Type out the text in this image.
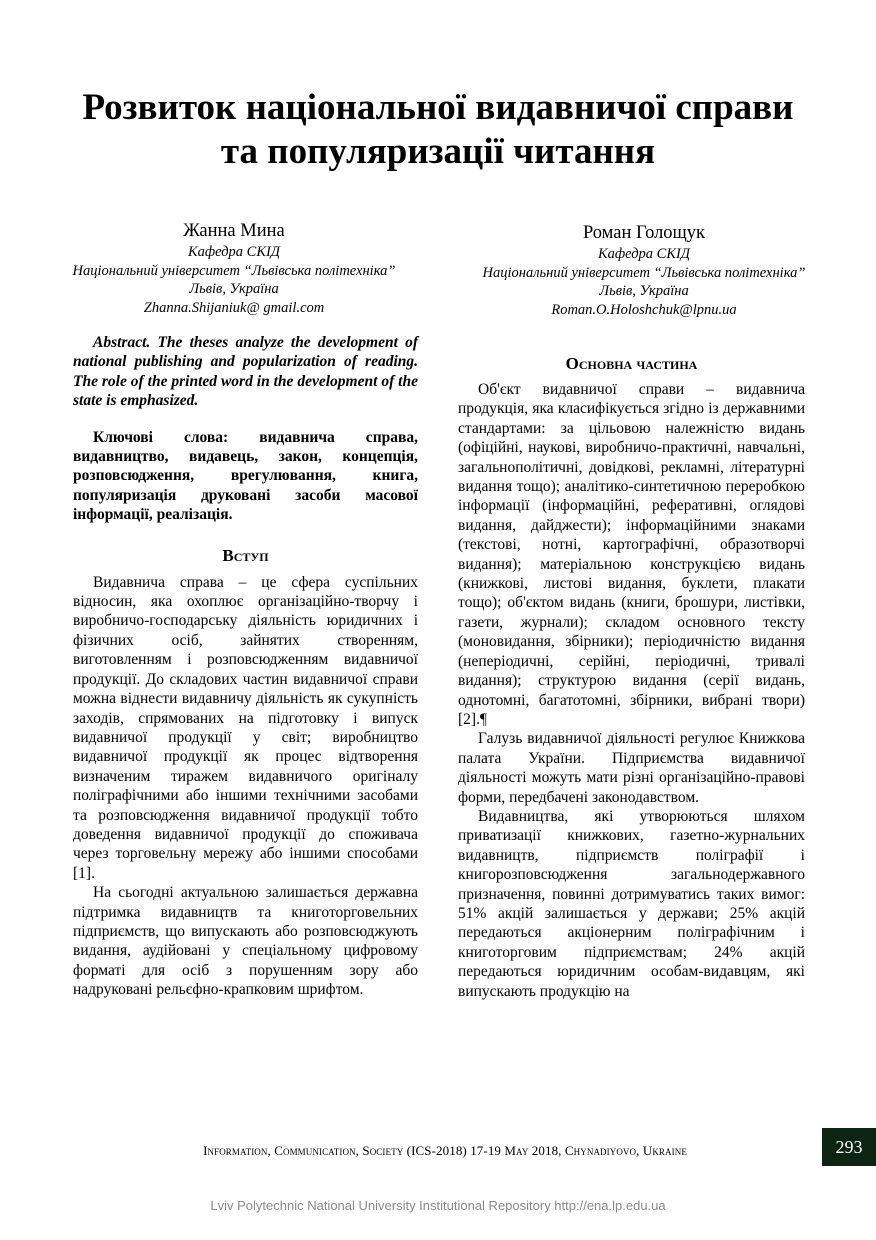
Розвиток національної видавничої справи
та популяризації читання
Жанна Мина
Кафедра СКІД
Національний університет “Львівська політехніка”
Львів, Україна
Zhanna.Shijaniuk@ gmail.com
Роман Голощук
Кафедра СКІД
Національний університет “Львівська політехніка”
Львів, Україна
Roman.O.Holoshchuk@lpnu.ua

Abstract. The theses analyze the development of national publishing and popularization of reading. The role of the printed word in the development of the state is emphasized.

Ключові слова: видавнича справа, видавництво, видавець, закон, концепція, розповсюдження, врегулювання, книга, популяризація друковані засоби масової інформації, реалізація.

Вступ

Видавнича справа – це сфера суспільних відносин, яка охоплює організаційно-творчу і виробничо-господарську діяльність юридичних і фізичних осіб, зайнятих створенням, виготовленням і розповсюдженням видавничої продукції. До складових частин видавничої справи можна віднести видавничу діяльність як сукупність заходів, спрямованих на підготовку і випуск видавничої продукції у світ; виробництво видавничої продукції як процес відтворення визначеним тиражем видавничого оригіналу поліграфічними або іншими технічними засобами та розповсюдження видавничої продукції тобто доведення видавничої продукції до споживача через торговельну мережу або іншими способами [1].

На сьогодні актуальною залишається державна підтримка видавництв та книготорговельних підприємств, що випускають або розповсюджують видання, аудійовані у спеціальному цифровому форматі для осіб з порушенням зору або надруковані рельєфно-крапковим шрифтом.

Основна частина

Об'єкт видавничої справи – видавнича продукція, яка класифікується згідно із державними стандартами: за цільовою належністю видань (офіційні, наукові, виробничо-практичні, навчальні, загальнополітичні, довідкові, рекламні, літературні видання тощо); аналітико-синтетичною переробкою інформації (інформаційні, реферативні, оглядові видання, дайджести); інформаційними знаками (текстові, нотні, картографічні, образотворчі видання); матеріальною конструкцією видань (книжкові, листові видання, буклети, плакати тощо); об'єктом видань (книги, брошури, листівки, газети, журнали); складом основного тексту (моновидання, збірники); періодичністю видання (неперіодичні, серійні, періодичні, тривалі видання); структурою видання (серії видань, однотомні, багатотомні, збірники, вибрані твори) [2].¶

Галузь видавничої діяльності регулює Книжкова палата України. Підприємства видавничої діяльності можуть мати різні організаційно-правові форми, передбачені законодавством.

Видавництва, які утворюються шляхом приватизації книжкових, газетно-журнальних видавництв, підприємств поліграфії і книгорозповсюдження загальнодержавного призначення, повинні дотримуватись таких вимог: 51% акцій залишається у держави; 25% акцій передаються акціонерним поліграфічним і книготорговим підприємствам; 24% акцій передаються юридичним особам-видавцям, які випускають продукцію на

Information, Communication, Society (ICS-2018) 17-19 May 2018, Chynadiyovo, Ukraine	293
Lviv Polytechnic National University Institutional Repository http://ena.lp.edu.ua
